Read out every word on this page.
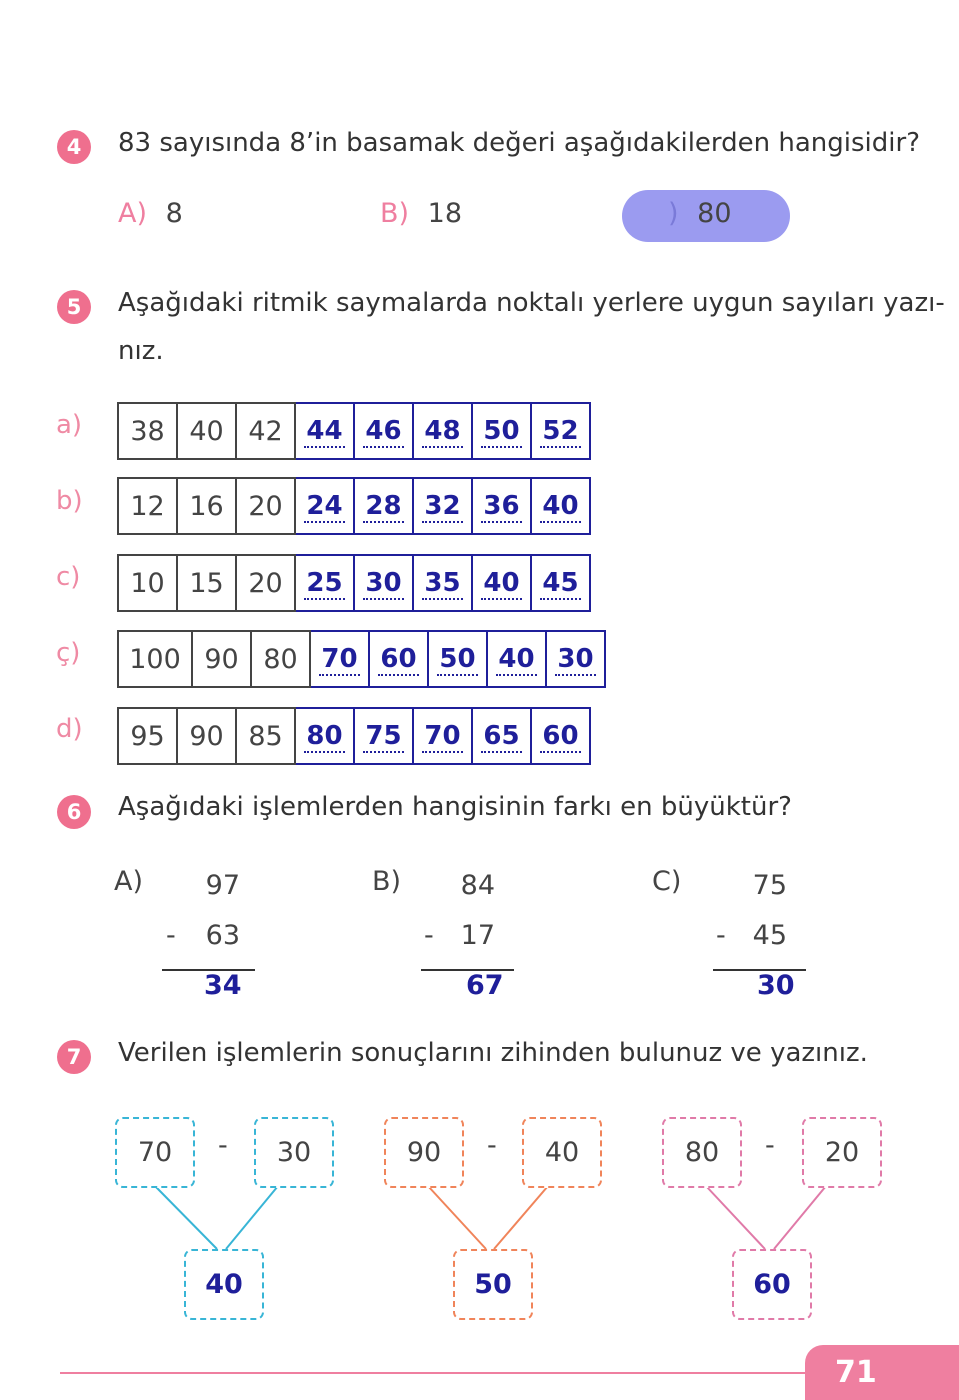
4	83 sayısında 8’in basamak değeri aşağıdakilerden hangisidir?
A) 8	B) 18	) 80
5	Aşağıdaki ritmik saymalarda noktalı yerlere uygun sayıları yazı-
nız.
a) 38	40	42	44	46	48	50	52
b) 12	16	20	24	28	32	36	40
c) 10	15	20	25	30	35	40	45
ç) 100	90	80	70	60	50	40	30
d) 95	90	85	80	75	70	65	60
6	Aşağıdaki işlemlerden hangisinin farkı en büyüktür?
A)	97
-	63
34
B)	84
- 17
67
C)	75
- 45
30
7	Verilen işlemlerin sonuçlarını zihinden bulunuz ve yazınız.
70	-	30
40
90	-	40
50
80	-	20
60
71
